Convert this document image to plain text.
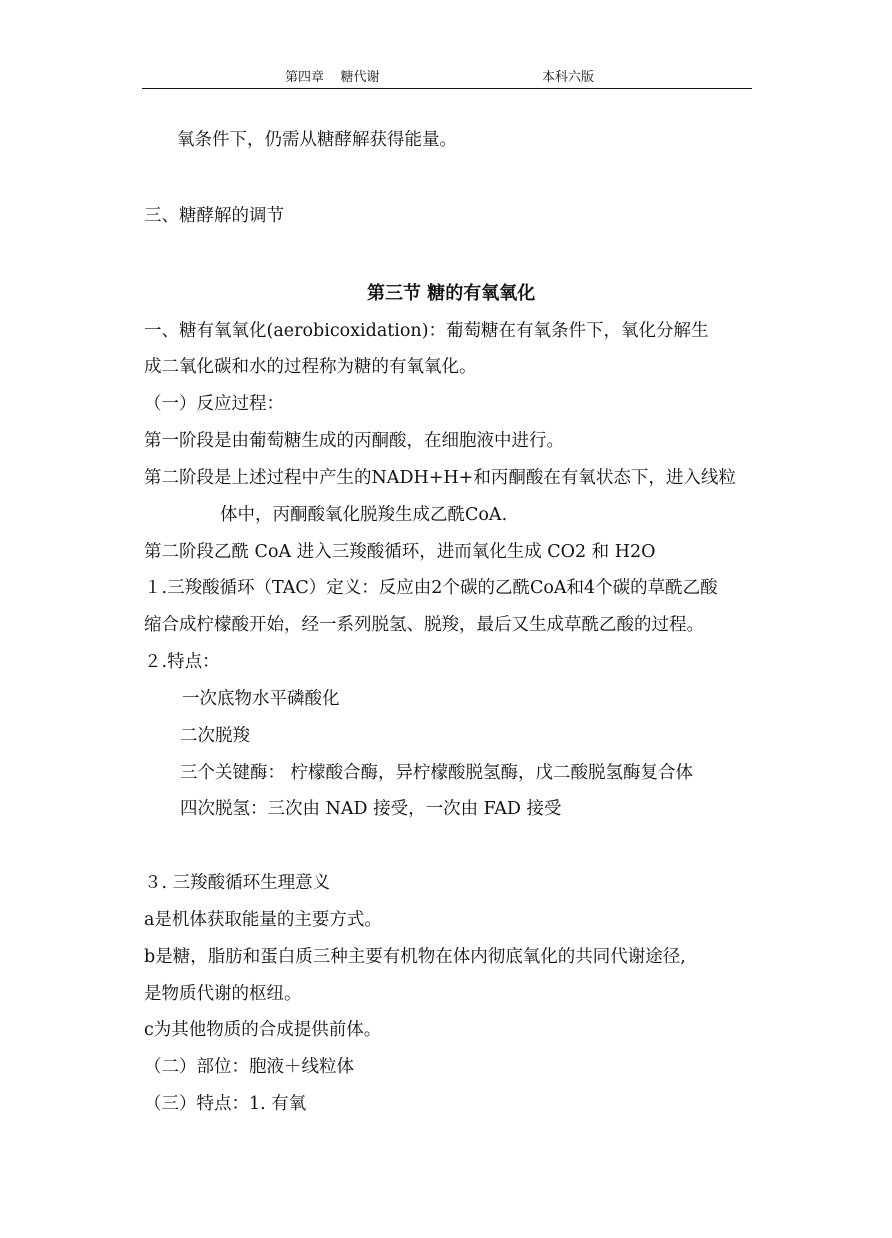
第四章    糖代谢	本科六版
氧条件下，仍需从糖酵解获得能量。
三、糖酵解的调节
第三节 糖的有氧氧化
一、糖有氧氧化(aerobicoxidation)：葡萄糖在有氧条件下，氧化分解生
成二氧化碳和水的过程称为糖的有氧氧化。
（一）反应过程：
第一阶段是由葡萄糖生成的丙酮酸，在细胞液中进行。
第二阶段是上述过程中产生的NADH+H+和丙酮酸在有氧状态下，进入线粒
体中，丙酮酸氧化脱羧生成乙酰CoA.
第二阶段乙酰 CoA 进入三羧酸循环，进而氧化生成 CO2 和 H2O
１.三羧酸循环（TAC）定义：反应由2个碳的乙酰CoA和4个碳的草酰乙酸
缩合成柠檬酸开始，经一系列脱氢、脱羧，最后又生成草酰乙酸的过程。
２.特点：
一次底物水平磷酸化
二次脱羧
三个关键酶： 柠檬酸合酶，异柠檬酸脱氢酶，戊二酸脱氢酶复合体
四次脱氢：三次由 NAD 接受，一次由 FAD 接受
３. 三羧酸循环生理意义
a是机体获取能量的主要方式。
b是糖，脂肪和蛋白质三种主要有机物在体内彻底氧化的共同代谢途径,
是物质代谢的枢纽。
c为其他物质的合成提供前体。
（二）部位：胞液＋线粒体
（三）特点：1. 有氧
